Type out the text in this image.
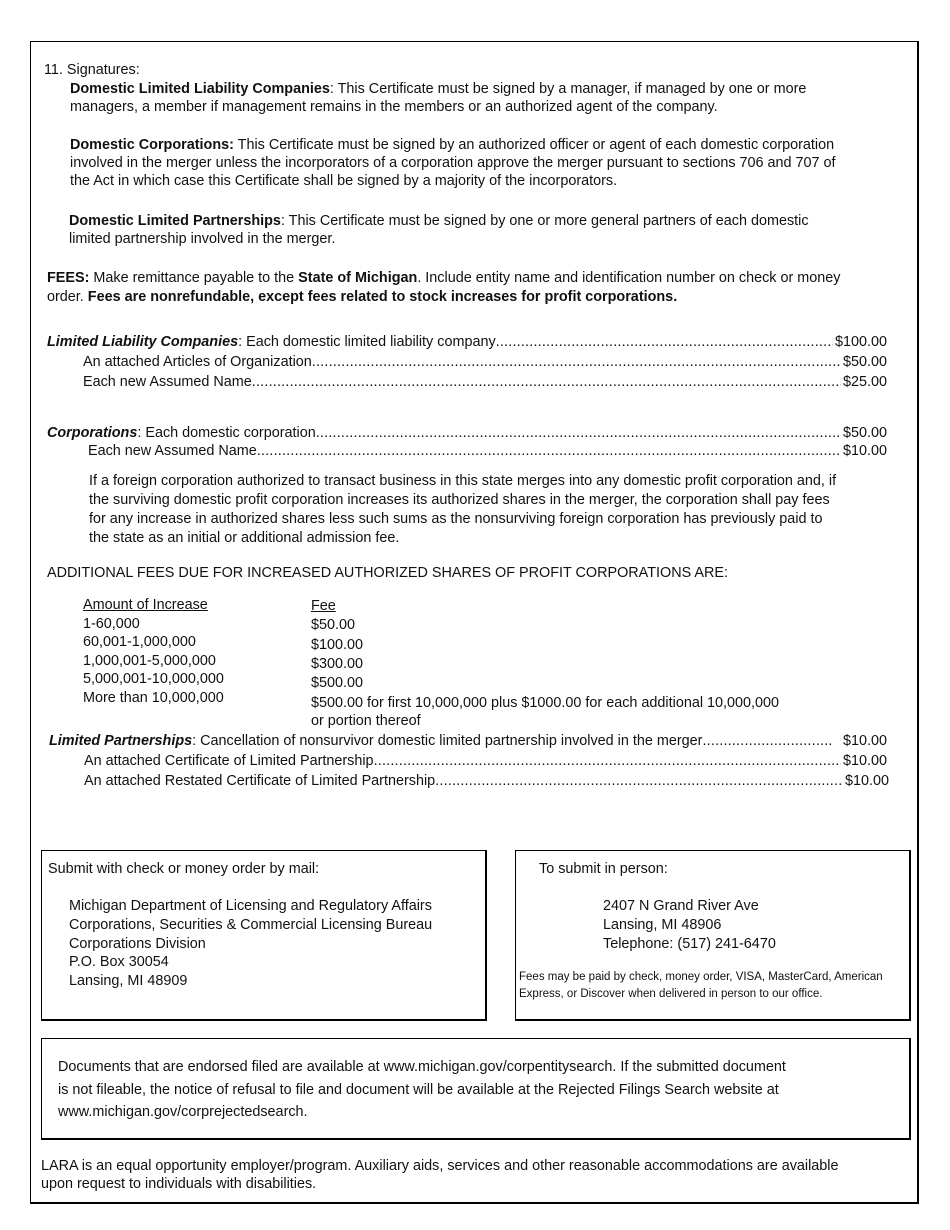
11. Signatures:
Domestic Limited Liability Companies: This Certificate must be signed by a manager, if managed by one or more
managers, a member if management remains in the members or an authorized agent of the company.
Domestic Corporations: This Certificate must be signed by an authorized officer or agent of each domestic corporation
involved in the merger unless the incorporators of a corporation approve the merger pursuant to sections 706 and 707 of
the Act in which case this Certificate shall be signed by a majority of the incorporators.
Domestic Limited Partnerships: This Certificate must be signed by one or more general partners of each domestic
limited partnership involved in the merger.
FEES: Make remittance payable to the State of Michigan. Include entity name and identification number on check or money
order. Fees are nonrefundable, except fees related to stock increases for profit corporations.
Limited Liability Companies: Each domestic limited liability company .....	$100.00
An attached Articles of Organization .....	$50.00
Each new Assumed Name .....	$25.00
Corporations: Each domestic corporation .....	$50.00
Each new Assumed Name .....	$10.00
If a foreign corporation authorized to transact business in this state merges into any domestic profit corporation and, if
the surviving domestic profit corporation increases its authorized shares in the merger, the corporation shall pay fees
for any increase in authorized shares less such sums as the nonsurviving foreign corporation has previously paid to
the state as an initial or additional admission fee.
ADDITIONAL FEES DUE FOR INCREASED AUTHORIZED SHARES OF PROFIT CORPORATIONS ARE:
Amount of Increase	Fee
1-60,000	$50.00
60,001-1,000,000	$100.00
1,000,001-5,000,000	$300.00
5,000,001-10,000,000	$500.00
More than 10,000,000	$500.00 for first 10,000,000 plus $1000.00 for each additional 10,000,000
or portion thereof
Limited Partnerships: Cancellation of nonsurvivor domestic limited partnership involved in the merger .....	$10.00
An attached Certificate of Limited Partnership .....	$10.00
An attached Restated Certificate of Limited Partnership .....	$10.00
Submit with check or money order by mail:
Michigan Department of Licensing and Regulatory Affairs
Corporations, Securities & Commercial Licensing Bureau
Corporations Division
P.O. Box 30054
Lansing, MI 48909
To submit in person:
2407 N Grand River Ave
Lansing, MI 48906
Telephone: (517) 241-6470
Fees may be paid by check, money order, VISA, MasterCard, American
Express, or Discover when delivered in person to our office.
Documents that are endorsed filed are available at www.michigan.gov/corpentitysearch. If the submitted document
is not fileable, the notice of refusal to file and document will be available at the Rejected Filings Search website at
www.michigan.gov/corprejectedsearch.
LARA is an equal opportunity employer/program. Auxiliary aids, services and other reasonable accommodations are available
upon request to individuals with disabilities.
